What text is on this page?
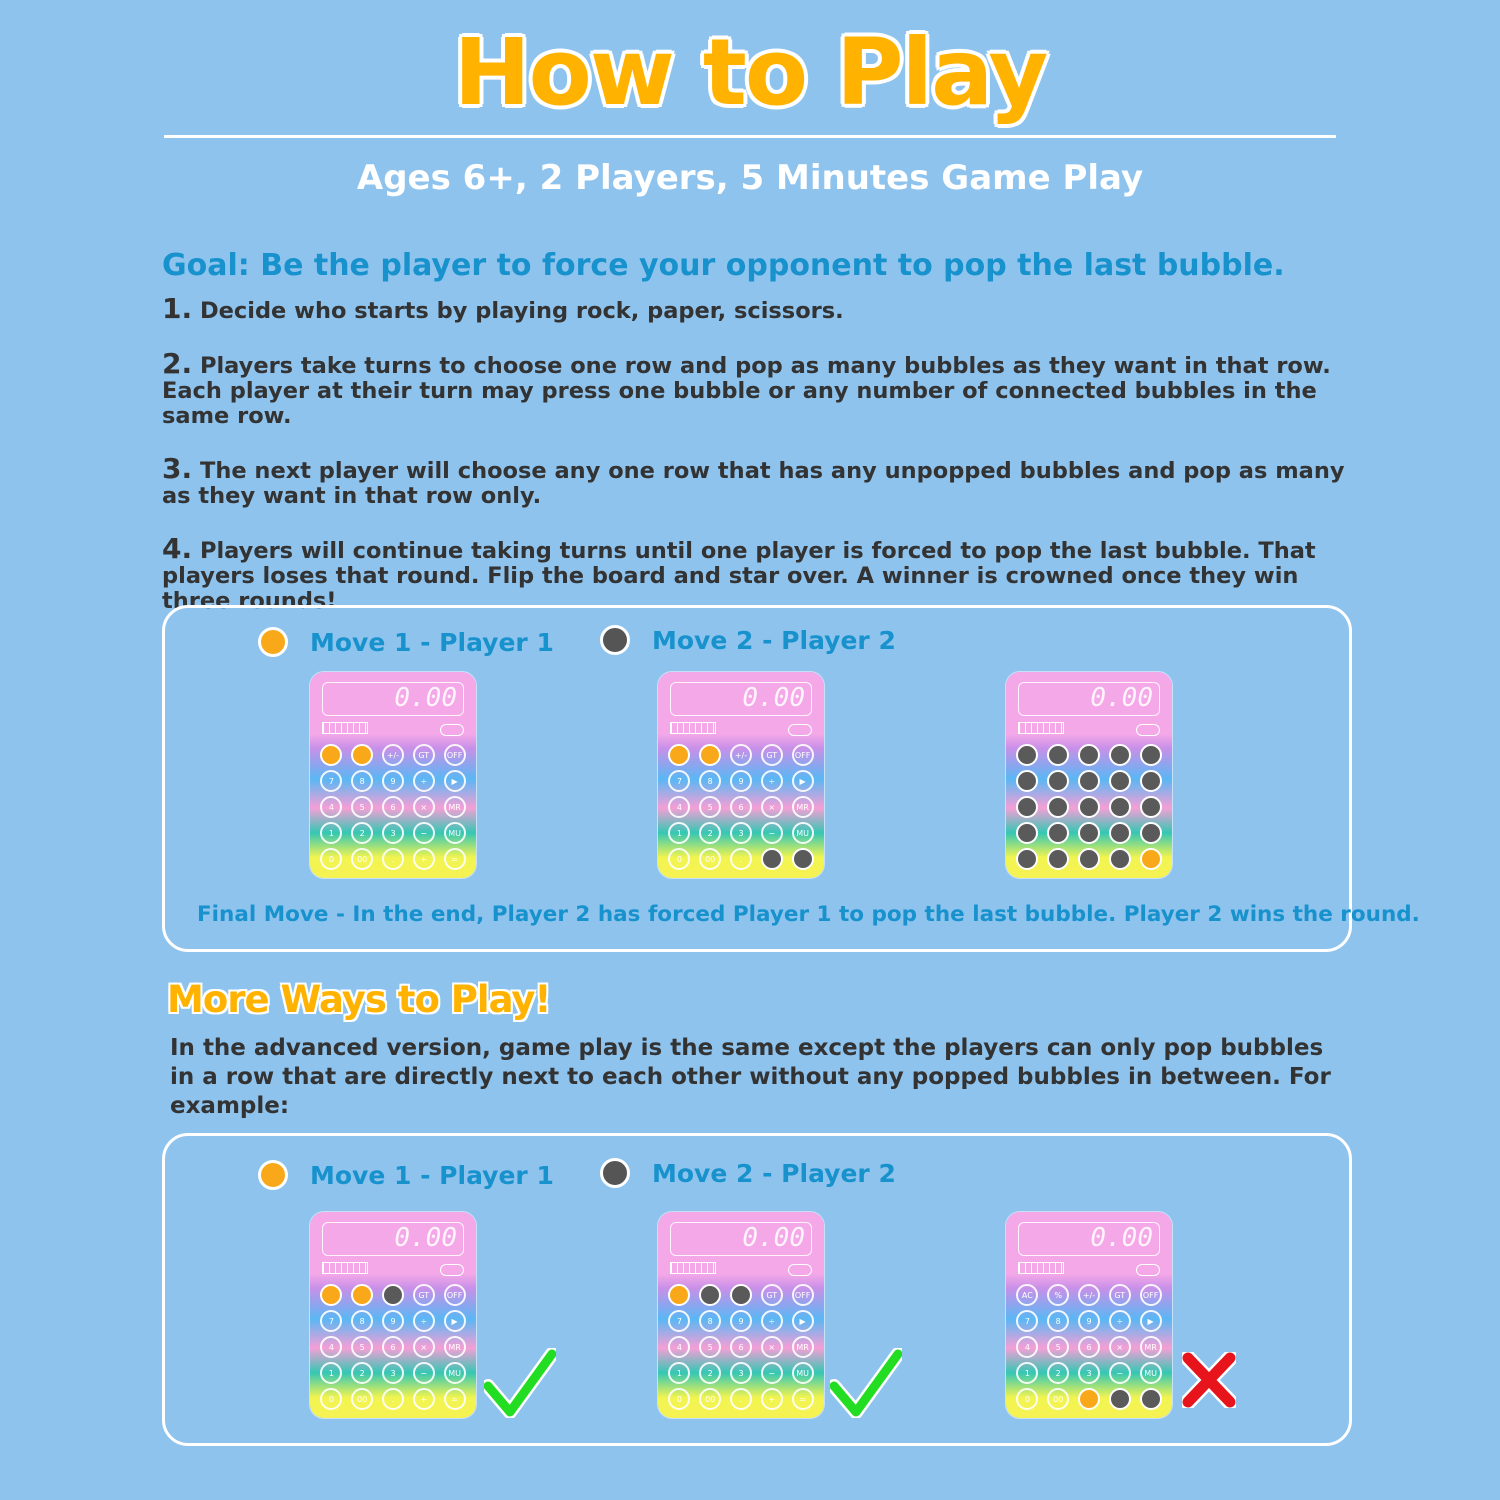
How to Play
Ages 6+, 2 Players, 5 Minutes Game Play
Goal: Be the player to force your opponent to pop the last bubble.
1. Decide who starts by playing rock, paper, scissors.
2. Players take turns to choose one row and pop as many bubbles as they want in that row. Each player at their turn may press one bubble or any number of connected bubbles in the same row.
3. The next player will choose any one row that has any unpopped bubbles and pop as many as they want in that row only.
4. Players will continue taking turns until one player is forced to pop the last bubble. That players loses that round. Flip the board and star over. A winner is crowned once they win three rounds!
Move 1 - Player 1	Move 2 - Player 2
0.00
+/-	GT	OFF
7	8	9	÷	▶
4	5	6	×	MR
1	2	3	−	MU
0	00	.	+	=
0.00
+/-	GT	OFF
7	8	9	÷	▶
4	5	6	×	MR
1	2	3	−	MU
0	00	.
0.00
Final Move - In the end, Player 2 has forced Player 1 to pop the last bubble. Player 2 wins the round.
More Ways to Play!
In the advanced version, game play is the same except the players can only pop bubbles in a row that are directly next to each other without any popped bubbles in between. For example:
Move 1 - Player 1	Move 2 - Player 2
0.00
GT	OFF
7	8	9	÷	▶
4	5	6	×	MR
1	2	3	−	MU
0	00	.	+	=
0.00
GT	OFF
7	8	9	÷	▶
4	5	6	×	MR
1	2	3	−	MU
0	00	.	+	=
0.00
AC	%	+/-	GT	OFF
7	8	9	÷	▶
4	5	6	×	MR
1	2	3	−	MU
0	00
